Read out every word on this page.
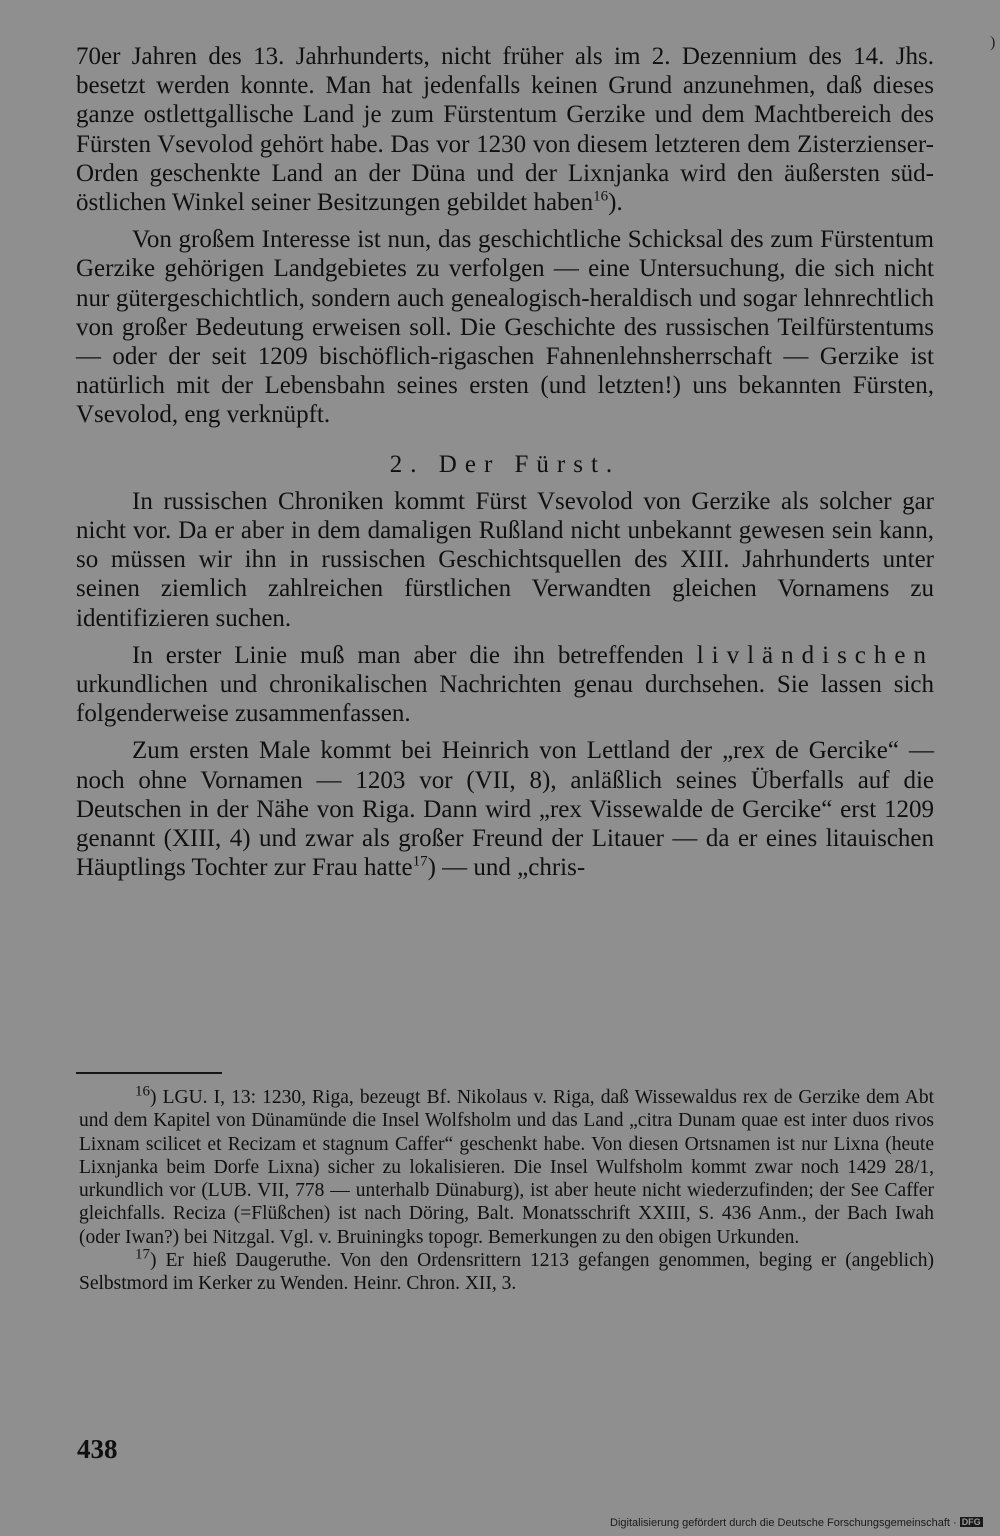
)

70er Jahren des 13. Jahrhunderts, nicht früher als im 2. Dezennium des 14. Jhs. besetzt werden konnte. Man hat jedenfalls keinen Grund anzunehmen, daß dieses ganze ostlettgallische Land je zum Fürstentum Gerzike und dem Machtbereich des Fürsten Vsevolod gehört habe. Das vor 1230 von diesem letzteren dem Zisterzienser-Orden geschenkte Land an der Düna und der Lixnjanka wird den äußersten süd-östlichen Winkel seiner Besitzungen gebildet haben$^{16}$).

Von großem Interesse ist nun, das geschichtliche Schicksal des zum Fürstentum Gerzike gehörigen Landgebietes zu verfolgen — eine Untersuchung, die sich nicht nur gütergeschichtlich, sondern auch genealogisch-heraldisch und sogar lehnrechtlich von großer Bedeutung erweisen soll. Die Geschichte des russischen Teilfürstentums — oder der seit 1209 bischöflich-rigaschen Fahnenlehnsherrschaft — Gerzike ist natürlich mit der Lebensbahn seines ersten (und letzten!) uns bekannten Fürsten, Vsevolod, eng verknüpft.

2. Der Fürst.

In russischen Chroniken kommt Fürst Vsevolod von Gerzike als solcher gar nicht vor. Da er aber in dem damaligen Rußland nicht unbekannt gewesen sein kann, so müssen wir ihn in russischen Geschichtsquellen des XIII. Jahrhunderts unter seinen ziemlich zahlreichen fürstlichen Verwandten gleichen Vornamens zu identifizieren suchen.

In erster Linie muß man aber die ihn betreffenden livländischen urkundlichen und chronikalischen Nachrichten genau durchsehen. Sie lassen sich folgenderweise zusammenfassen.

Zum ersten Male kommt bei Heinrich von Lettland der „rex de Gercike“ — noch ohne Vornamen — 1203 vor (VII, 8), anläßlich seines Überfalls auf die Deutschen in der Nähe von Riga. Dann wird „rex Vissewalde de Gercike“ erst 1209 genannt (XIII, 4) und zwar als großer Freund der Litauer — da er eines litauischen Häuptlings Tochter zur Frau hatte$^{17}$) — und „chris-

$^{16}$) LGU. I, 13: 1230, Riga, bezeugt Bf. Nikolaus v. Riga, daß Wissewaldus rex de Gerzike dem Abt und dem Kapitel von Dünamünde die Insel Wolfsholm und das Land „citra Dunam quae est inter duos rivos Lixnam scilicet et Recizam et stagnum Caffer“ geschenkt habe. Von diesen Ortsnamen ist nur Lixna (heute Lixnjanka beim Dorfe Lixna) sicher zu lokalisieren. Die Insel Wulfsholm kommt zwar noch 1429 28/1, urkundlich vor (LUB. VII, 778 — unterhalb Dünaburg), ist aber heute nicht wiederzufinden; der See Caffer gleichfalls. Reciza (=Flüßchen) ist nach Döring, Balt. Monatsschrift XXIII, S. 436 Anm., der Bach Iwah (oder Iwan?) bei Nitzgal. Vgl. v. Bruiningks topogr. Bemerkungen zu den obigen Urkunden.

$^{17}$) Er hieß Daugeruthe. Von den Ordensrittern 1213 gefangen genommen, beging er (angeblich) Selbstmord im Kerker zu Wenden. Heinr. Chron. XII, 3.

438
Digitalisierung gefördert durch die Deutsche Forschungsgemeinschaft · DFG
